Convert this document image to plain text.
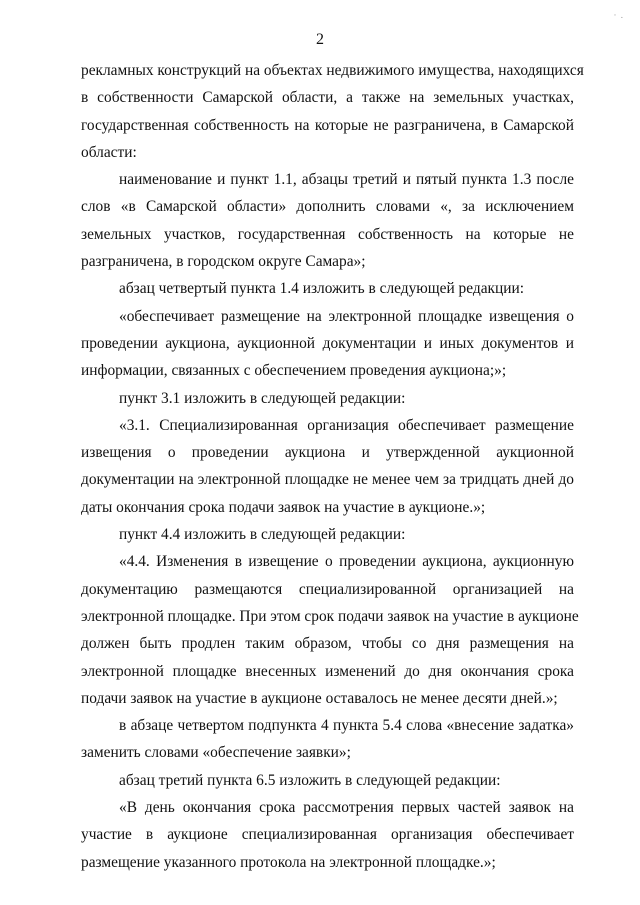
· .
2
рекламных конструкций на объектах недвижимого имущества, находящихся
в собственности Самарской области, а также на земельных участках,
государственная собственность на которые не разграничена, в Самарской
области:
наименование и пункт 1.1, абзацы третий и пятый пункта 1.3 после
слов «в Самарской области» дополнить словами «, за исключением
земельных участков, государственная собственность на которые не
разграничена, в городском округе Самара»;
абзац четвертый пункта 1.4 изложить в следующей редакции:
«обеспечивает размещение на электронной площадке извещения о
проведении аукциона, аукционной документации и иных документов и
информации, связанных с обеспечением проведения аукциона;»;
пункт 3.1 изложить в следующей редакции:
«3.1. Специализированная организация обеспечивает размещение
извещения о проведении аукциона и утвержденной аукционной
документации на электронной площадке не менее чем за тридцать дней до
даты окончания срока подачи заявок на участие в аукционе.»;
пункт 4.4 изложить в следующей редакции:
«4.4. Изменения в извещение о проведении аукциона, аукционную
документацию размещаются специализированной организацией на
электронной площадке. При этом срок подачи заявок на участие в аукционе
должен быть продлен таким образом, чтобы со дня размещения на
электронной площадке внесенных изменений до дня окончания срока
подачи заявок на участие в аукционе оставалось не менее десяти дней.»;
в абзаце четвертом подпункта 4 пункта 5.4 слова «внесение задатка»
заменить словами «обеспечение заявки»;
абзац третий пункта 6.5 изложить в следующей редакции:
«В день окончания срока рассмотрения первых частей заявок на
участие в аукционе специализированная организация обеспечивает
размещение указанного протокола на электронной площадке.»;
